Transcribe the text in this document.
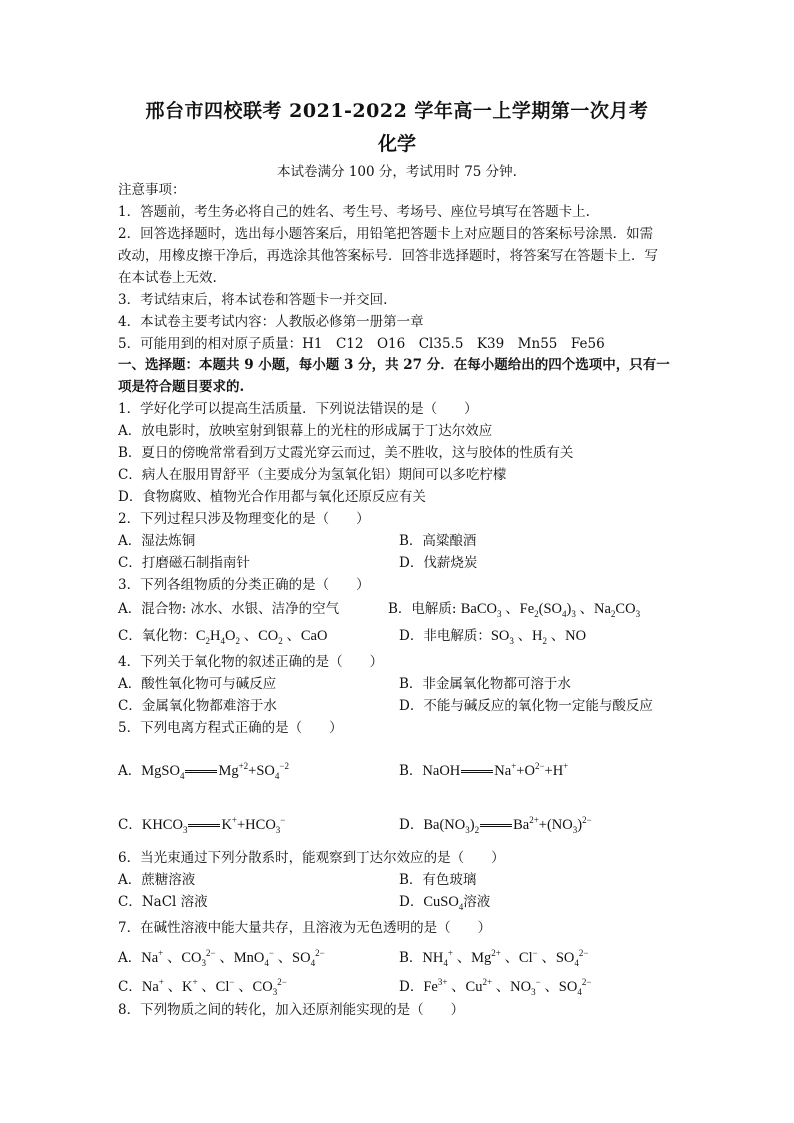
邢台市四校联考 2021-2022 学年高一上学期第一次月考
化学
本试卷满分 100 分，考试用时 75 分钟.
注意事项：
1．答题前，考生务必将自己的姓名、考生号、考场号、座位号填写在答题卡上.
2．回答选择题时，选出每小题答案后，用铅笔把答题卡上对应题目的答案标号涂黑．如需
改动，用橡皮擦干净后，再选涂其他答案标号．回答非选择题时，将答案写在答题卡上．写
在本试卷上无效.
3．考试结束后，将本试卷和答题卡一并交回.
4．本试卷主要考试内容：人教版必修第一册第一章
5．可能用到的相对原子质量：H1　C12　O16　Cl35.5　K39　Mn55　Fe56
一、选择题：本题共 9 小题，每小题 3 分，共 27 分．在每小题给出的四个选项中，只有一
项是符合题目要求的.
1．学好化学可以提高生活质量．下列说法错误的是（　　）
A．放电影时，放映室射到银幕上的光柱的形成属于丁达尔效应
B．夏日的傍晚常常看到万丈霞光穿云而过，美不胜收，这与胶体的性质有关
C．病人在服用胃舒平（主要成分为氢氧化铝）期间可以多吃柠檬
D．食物腐败、植物光合作用都与氧化还原反应有关
2．下列过程只涉及物理变化的是（　　）
A．湿法炼铜	B．高粱酿酒
C．打磨磁石制指南针	D．伐薪烧炭
3．下列各组物质的分类正确的是（　　）
A．混合物: 冰水、水银、洁净的空气	B．电解质: BaCO$_3$ 、$Fe_2(SO_4)_3$ 、$Na_2CO_3$
C．氧化物：$C_2H_4O_2$ 、$CO_2$ 、CaO	D．非电解质：$SO_3$ 、$H_2$ 、NO
4．下列关于氧化物的叙述正确的是（　　）
A．酸性氧化物可与碱反应	B．非金属氧化物都可溶于水
C．金属氧化物都难溶于水	D．不能与碱反应的氧化物一定能与酸反应
5．下列电离方程式正确的是（　　）
A．MgSO$_4$ $Mg^{+2}+SO_4^{-2}$	B．NaOH $Na^++O^{2-}+H^+$
C．$KHCO_3$ $K^++HCO_3^-$	D．$Ba(NO_3)_2$ $Ba^{2+}+(NO_3)^{2-}$
6．当光束通过下列分散系时，能观察到丁达尔效应的是（　　）
A．蔗糖溶液	B．有色玻璃
C．NaCl 溶液	D．CuSO$_4$溶液
7．在碱性溶液中能大量共存，且溶液为无色透明的是（　　）
A．Na+ 、$CO_3^{2-}$ 、MnO$_4$− 、$SO_4^{2-}$	B．$NH_4^+$ 、$Mg^{2+}$ 、Cl− 、$SO_4^{2-}$
C．Na+ 、K+ 、Cl− 、$CO_3^{2-}$	D．$Fe^{3+}$ 、$Cu^{2+}$ 、$NO_3^-$ 、$SO_4^{2-}$
8．下列物质之间的转化，加入还原剂能实现的是（　　）
